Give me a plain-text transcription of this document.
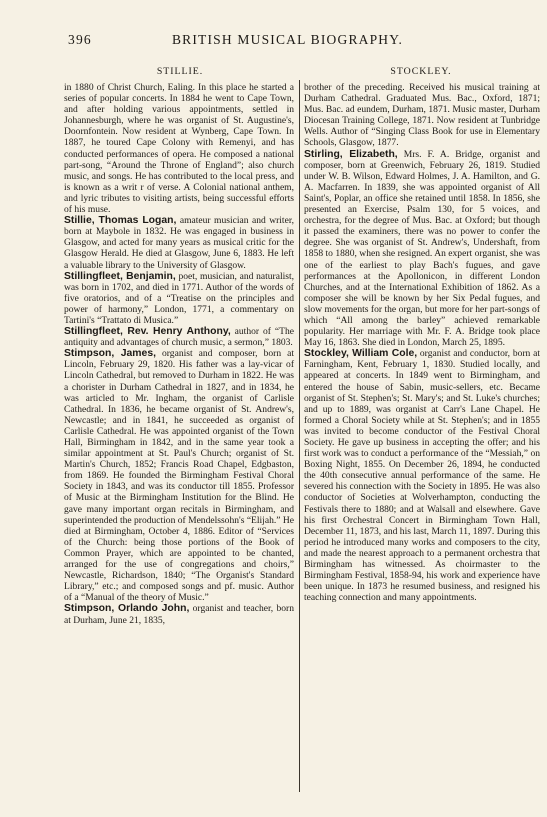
396	BRITISH MUSICAL BIOGRAPHY.
STILLIE.	STOCKLEY.

in 1880 of Christ Church, Ealing. In this place he started a series of popular concerts. In 1884 he went to Cape Town, and after holding various appointments, settled in Johannesburgh, where he was organist of St. Augustine's, Doornfontein. Now resident at Wynberg, Cape Town. In 1887, he toured Cape Colony with Remenyi, and has conducted performances of opera. He composed a national part-song, “Around the Throne of England”; also church music, and songs. He has contributed to the local press, and is known as a writ r of verse. A Colonial national anthem, and lyric tributes to visiting artists, being successful efforts of his muse.

Stillie, Thomas Logan, amateur musician and writer, born at Maybole in 1832. He was engaged in business in Glasgow, and acted for many years as musical critic for the Glasgow Herald. He died at Glasgow, June 6, 1883. He left a valuable library to the University of Glasgow.

Stillingfleet, Benjamin, poet, musician, and naturalist, was born in 1702, and died in 1771. Author of the words of five oratorios, and of a “Treatise on the principles and power of harmony,” London, 1771, a commentary on Tartini's “Trattato di Musica.”

Stillingfleet, Rev. Henry Anthony, author of “The antiquity and advantages of church music, a sermon,” 1803.

Stimpson, James, organist and composer, born at Lincoln, February 29, 1820. His father was a lay-vicar of Lincoln Cathedral, but removed to Durham in 1822. He was a chorister in Durham Cathedral in 1827, and in 1834, he was articled to Mr. Ingham, the organist of Carlisle Cathedral. In 1836, he became organist of St. Andrew's, Newcastle; and in 1841, he succeeded as organist of Carlisle Cathedral. He was appointed organist of the Town Hall, Birmingham in 1842, and in the same year took a similar appointment at St. Paul's Church; organist of St. Martin's Church, 1852; Francis Road Chapel, Edgbaston, from 1869. He founded the Birmingham Festival Choral Society in 1843, and was its conductor till 1855. Professor of Music at the Birmingham Institution for the Blind. He gave many important organ recitals in Birmingham, and superintended the production of Mendelssohn's “Elijah.” He died at Birmingham, October 4, 1886. Editor of “Services of the Church: being those portions of the Book of Common Prayer, which are appointed to be chanted, arranged for the use of congregations and choirs,” Newcastle, Richardson, 1840; “The Organist's Standard Library,” etc.; and composed songs and pf. music. Author of a “Manual of the theory of Music.”

Stimpson, Orlando John, organist and teacher, born at Durham, June 21, 1835,

brother of the preceding. Received his musical training at Durham Cathedral. Graduated Mus. Bac., Oxford, 1871; Mus. Bac. ad eundem, Durham, 1871. Music master, Durham Diocesan Training College, 1871. Now resident at Tunbridge Wells. Author of “Singing Class Book for use in Elementary Schools, Glasgow, 1877.

Stirling, Elizabeth, Mrs. F. A. Bridge, organist and composer, born at Greenwich, February 26, 1819. Studied under W. B. Wilson, Edward Holmes, J. A. Hamilton, and G. A. Macfarren. In 1839, she was appointed organist of All Saint's, Poplar, an office she retained until 1858. In 1856, she presented an Exercise, Psalm 130, for 5 voices, and orchestra, for the degree of Mus. Bac. at Oxford; but though it passed the examiners, there was no power to confer the degree. She was organist of St. Andrew's, Undershaft, from 1858 to 1880, when she resigned. An expert organist, she was one of the earliest to play Bach's fugues, and gave performances at the Apollonicon, in different London Churches, and at the International Exhibition of 1862. As a composer she will be known by her Six Pedal fugues, and slow movements for the organ, but more for her part-songs of which “All among the barley” achieved remarkable popularity. Her marriage with Mr. F. A. Bridge took place May 16, 1863. She died in London, March 25, 1895.

Stockley, William Cole, organist and conductor, born at Farningham, Kent, February 1, 1830. Studied locally, and appeared at concerts. In 1849 went to Birmingham, and entered the house of Sabin, music-sellers, etc. Became organist of St. Stephen's; St. Mary's; and St. Luke's churches; and up to 1889, was organist at Carr's Lane Chapel. He formed a Choral Society while at St. Stephen's; and in 1855 was invited to become conductor of the Festival Choral Society. He gave up business in accepting the offer; and his first work was to conduct a performance of the “Messiah,” on Boxing Night, 1855. On December 26, 1894, he conducted the 40th consecutive annual performance of the same. He severed his connection with the Society in 1895. He was also conductor of Societies at Wolverhampton, conducting the Festivals there to 1880; and at Walsall and elsewhere. Gave his first Orchestral Concert in Birmingham Town Hall, December 11, 1873, and his last, March 11, 1897. During this period he introduced many works and composers to the city, and made the nearest approach to a permanent orchestra that Birmingham has witnessed. As choirmaster to the Birmingham Festival, 1858-94, his work and experience have been unique. In 1873 he resumed business, and resigned his teaching connection and many appointments.
